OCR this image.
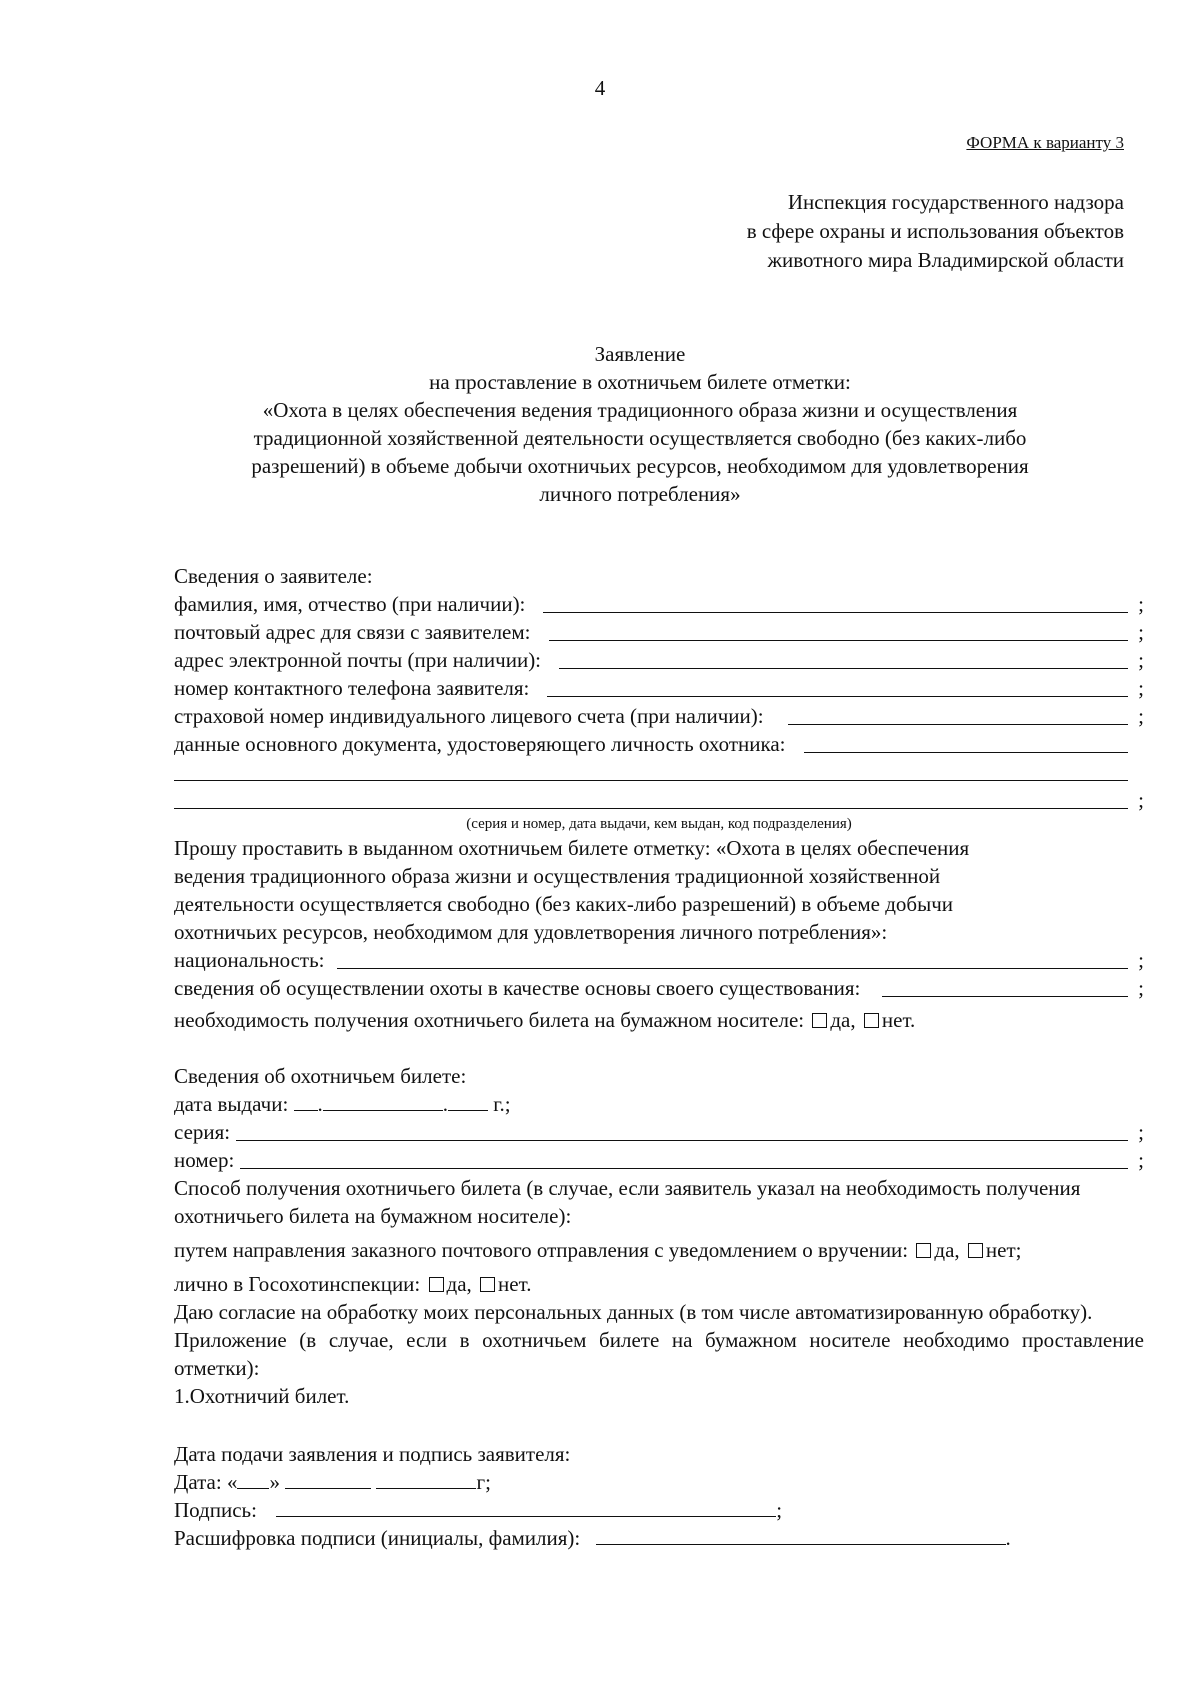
4
ФОРМА к варианту 3
Инспекция государственного надзора
в сфере охраны и использования объектов
животного мира Владимирской области
Заявление
на проставление в охотничьем билете отметки:
«Охота в целях обеспечения ведения традиционного образа жизни и осуществления
традиционной хозяйственной деятельности осуществляется свободно (без каких-либо
разрешений) в объеме добычи охотничьих ресурсов, необходимом для удовлетворения
личного потребления»
Сведения о заявителе:
фамилия, имя, отчество (при наличии):	;
почтовый адрес для связи с заявителем:	;
адрес электронной почты (при наличии):	;
номер контактного телефона заявителя:	;
страховой номер индивидуального лицевого счета (при наличии):	;
данные основного документа, удостоверяющего личность охотника:
;
(серия и номер, дата выдачи, кем выдан, код подразделения)
Прошу проставить в выданном охотничьем билете отметку: «Охота в целях обеспечения
ведения традиционного образа жизни и осуществления традиционной хозяйственной
деятельности осуществляется свободно (без каких-либо разрешений) в объеме добычи
охотничьих ресурсов, необходимом для удовлетворения личного потребления»:
национальность:	;
сведения об осуществлении охоты в качестве основы своего существования:	;
необходимость получения охотничьего билета на бумажном носителе: да, нет.
Сведения об охотничьем билете:
дата выдачи: .	. г.;
серия:	;
номер:	;
Способ получения охотничьего билета (в случае, если заявитель указал на необходимость получения охотничьего билета на бумажном носителе):
путем направления заказного почтового отправления с уведомлением о вручении: да, нет;
лично в Госохотинспекции: да, нет.
Даю согласие на обработку моих персональных данных (в том числе автоматизированную обработку).
Приложение (в случае, если в охотничьем билете на бумажном носителе необходимо проставление отметки):
1.Охотничий билет.
Дата подачи заявления и подпись заявителя:
Дата: « »	г;
Подпись:	;
Расшифровка подписи (инициалы, фамилия):	.
